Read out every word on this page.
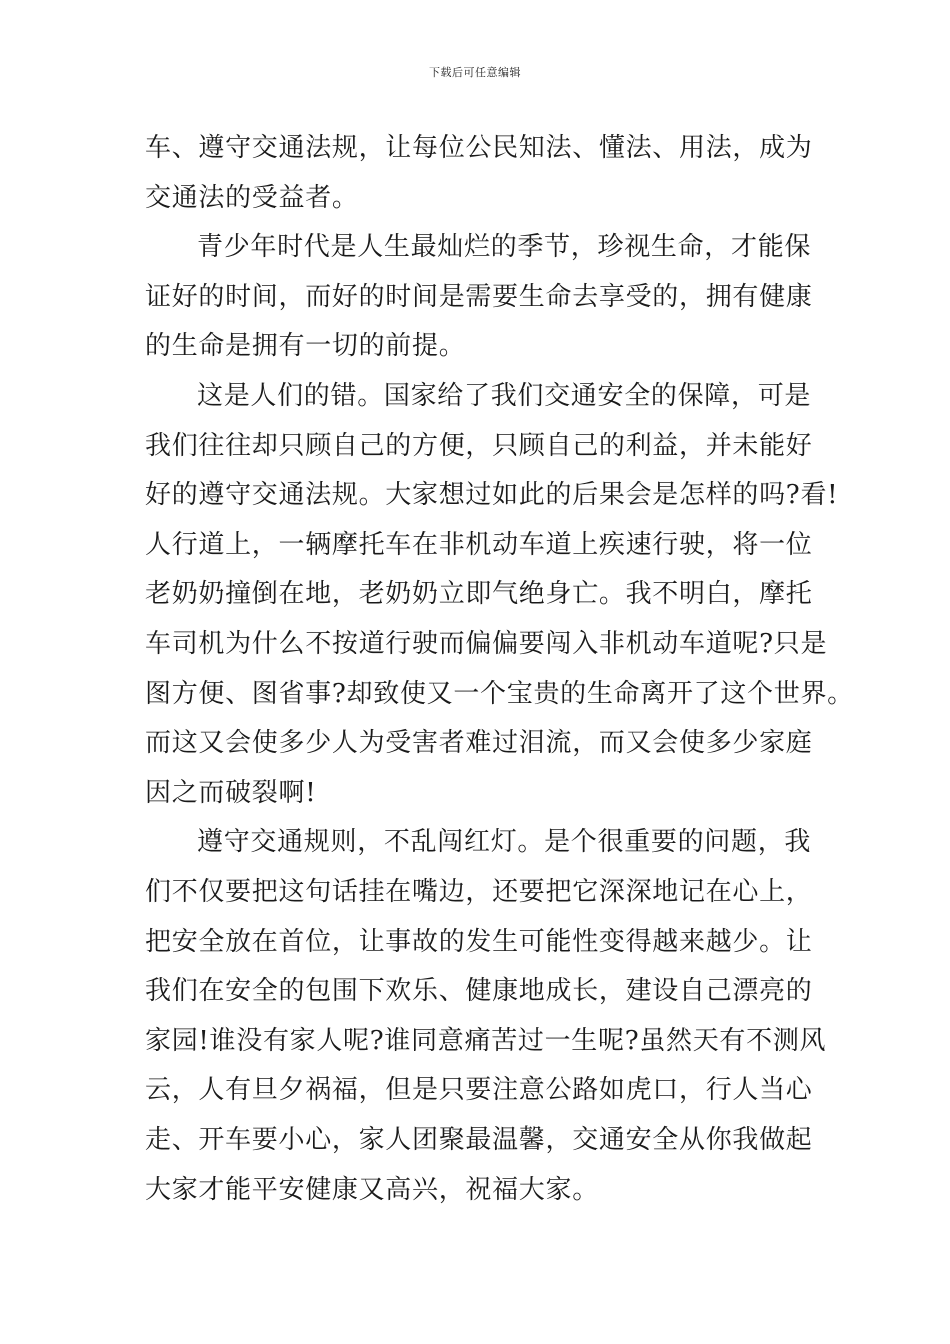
下载后可任意编辑
车、遵守交通法规，让每位公民知法、懂法、用法，成为
交通法的受益者。
青少年时代是人生最灿烂的季节，珍视生命，才能保
证好的时间，而好的时间是需要生命去享受的，拥有健康
的生命是拥有一切的前提。
这是人们的错。国家给了我们交通安全的保障，可是
我们往往却只顾自己的方便，只顾自己的利益，并未能好
好的遵守交通法规。大家想过如此的后果会是怎样的吗?看!
人行道上，一辆摩托车在非机动车道上疾速行驶，将一位
老奶奶撞倒在地，老奶奶立即气绝身亡。我不明白，摩托
车司机为什么不按道行驶而偏偏要闯入非机动车道呢?只是
图方便、图省事?却致使又一个宝贵的生命离开了这个世界。
而这又会使多少人为受害者难过泪流，而又会使多少家庭
因之而破裂啊!
遵守交通规则，不乱闯红灯。是个很重要的问题，我
们不仅要把这句话挂在嘴边，还要把它深深地记在心上，
把安全放在首位，让事故的发生可能性变得越来越少。让
我们在安全的包围下欢乐、健康地成长，建设自己漂亮的
家园!谁没有家人呢?谁同意痛苦过一生呢?虽然天有不测风
云，人有旦夕祸福，但是只要注意公路如虎口，行人当心
走、开车要小心，家人团聚最温馨，交通安全从你我做起
大家才能平安健康又高兴，祝福大家。
